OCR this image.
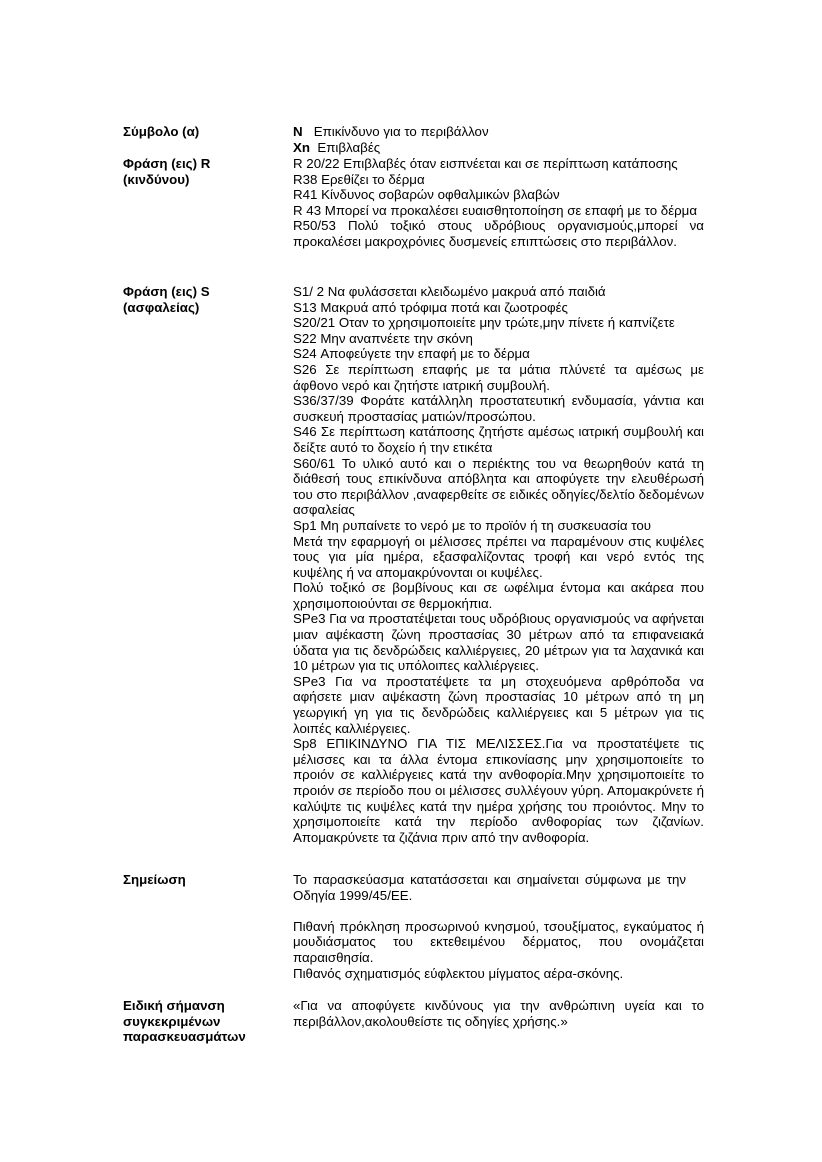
Σύμβολο (α)	N Επικίνδυνο για το περιβάλλον
Xn Επιβλαβές
Φράση (εις) R (κινδύνου)
R 20/22 Επιβλαβές όταν εισπνέεται και σε περίπτωση κατάποσης
R38 Ερεθίζει το δέρμα
R41 Κίνδυνος σοβαρών οφθαλμικών βλαβών
R 43 Μπορεί να προκαλέσει ευαισθητοποίηση σε επαφή με το δέρμα
R50/53 Πολύ τοξικό στους υδρόβιους οργανισμούς,μπορεί να προκαλέσει μακροχρόνιες δυσμενείς επιπτώσεις στο περιβάλλον.
Φράση (εις) S (ασφαλείας)
S1/ 2 Να φυλάσσεται κλειδωμένο μακρυά από παιδιά
S13 Μακρυά από τρόφιμα ποτά και ζωοτροφές
S20/21 Οταν το χρησιμοποιείτε μην τρώτε,μην πίνετε ή καπνίζετε
S22 Μην αναπνέετε την σκόνη
S24 Αποφεύγετε την επαφή με το δέρμα
S26 Σε περίπτωση επαφής με τα μάτια πλύνετέ τα αμέσως με άφθονο νερό και ζητήστε ιατρική συμβουλή.
S36/37/39 Φοράτε κατάλληλη προστατευτική ενδυμασία, γάντια και συσκευή προστασίας ματιών/προσώπου.
S46 Σε περίπτωση κατάποσης ζητήστε αμέσως ιατρική συμβουλή και δείξτε αυτό το δοχείο ή την ετικέτα
S60/61 Το υλικό αυτό και ο περιέκτης του να θεωρηθούν κατά τη διάθεσή τους επικίνδυνα απόβλητα και αποφύγετε την ελευθέρωσή του στο περιβάλλον ,αναφερθείτε σε ειδικές οδηγίες/δελτίο δεδομένων ασφαλείας
Sp1 Μη ρυπαίνετε το νερό με το προϊόν ή τη συσκευασία του
Μετά την εφαρμογή οι μέλισσες πρέπει να παραμένουν στις κυψέλες τους για μία ημέρα, εξασφαλίζοντας τροφή και νερό εντός της κυψέλης ή να απομακρύνονται οι κυψέλες.
Πολύ τοξικό σε βομβίνους και σε ωφέλιμα έντομα και ακάρεα που χρησιμοποιούνται σε θερμοκήπια.
SPe3 Για να προστατέψεται τους υδρόβιους οργανισμούς να αφήνεται μιαν αψέκαστη ζώνη προστασίας 30 μέτρων από τα επιφανειακά ύδατα για τις δενδρώδεις καλλιέργειες, 20 μέτρων για τα λαχανικά και 10 μέτρων για τις υπόλοιπες καλλιέργειες.
SPe3 Για να προστατέψετε τα μη στοχευόμενα αρθρόποδα να αφήσετε μιαν αψέκαστη ζώνη προστασίας 10 μέτρων από τη μη γεωργική γη για τις δενδρώδεις καλλιέργειες και 5 μέτρων για τις λοιπές καλλιέργειες.
Sp8 ΕΠΙΚΙΝΔΥΝΟ ΓΙΑ ΤΙΣ ΜΕΛΙΣΣΕΣ.Για να προστατέψετε τις μέλισσες και τα άλλα έντομα επικονίασης μην χρησιμοποιείτε το προιόν σε καλλιέργειες κατά την ανθοφορία.Μην χρησιμοποιείτε το προιόν σε περίοδο που οι μέλισσες συλλέγουν γύρη. Απομακρύνετε ή καλύψτε τις κυψέλες κατά την ημέρα χρήσης του προιόντος. Μην το χρησιμοποιείτε κατά την περίοδο ανθοφορίας των ζιζανίων. Απομακρύνετε τα ζιζάνια πριν από την ανθοφορία.
Σημείωση	Το παρασκεύασμα κατατάσσεται και σημαίνεται σύμφωνα με την Οδηγία 1999/45/ΕΕ.
Πιθανή πρόκληση προσωρινού κνησμού, τσουξίματος, εγκαύματος ή μουδιάσματος του εκτεθειμένου δέρματος, που ονομάζεται παραισθησία.
Πιθανός σχηματισμός εύφλεκτου μίγματος αέρα-σκόνης.
Ειδική σήμανση συγκεκριμένων παρασκευασμάτων
«Για να αποφύγετε κινδύνους για την ανθρώπινη υγεία και το περιβάλλον,ακολουθείστε τις οδηγίες χρήσης.»
